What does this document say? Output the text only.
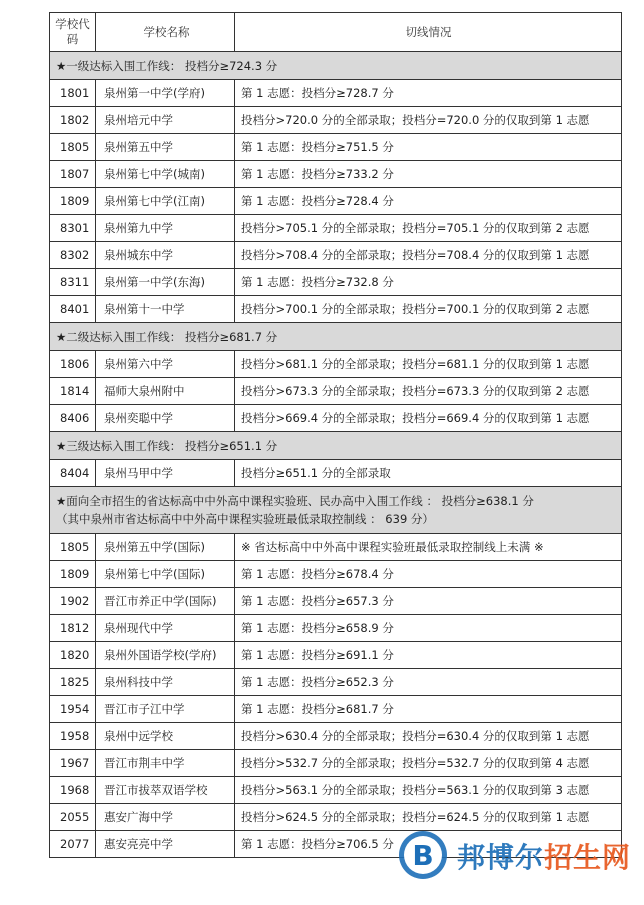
学校代码	学校名称	切线情况

★一级达标入围工作线： 投档分≥724.3 分		

1801	泉州第一中学(学府)	第 1 志愿：投档分≥728.7 分
1802	泉州培元中学	投档分>720.0 分的全部录取；投档分=720.0 分的仅取到第 1 志愿
1805	泉州第五中学	第 1 志愿：投档分≥751.5 分
1807	泉州第七中学(城南)	第 1 志愿：投档分≥733.2 分
1809	泉州第七中学(江南)	第 1 志愿：投档分≥728.4 分
8301	泉州第九中学	投档分>705.1 分的全部录取；投档分=705.1 分的仅取到第 2 志愿
8302	泉州城东中学	投档分>708.4 分的全部录取；投档分=708.4 分的仅取到第 1 志愿
8311	泉州第一中学(东海)	第 1 志愿：投档分≥732.8 分
8401	泉州第十一中学	投档分>700.1 分的全部录取；投档分=700.1 分的仅取到第 2 志愿

★二级达标入围工作线： 投档分≥681.7 分		

1806	泉州第六中学	投档分>681.1 分的全部录取；投档分=681.1 分的仅取到第 1 志愿
1814	福师大泉州附中	投档分>673.3 分的全部录取；投档分=673.3 分的仅取到第 2 志愿
8406	泉州奕聪中学	投档分>669.4 分的全部录取；投档分=669.4 分的仅取到第 1 志愿

★三级达标入围工作线： 投档分≥651.1 分		

8404	泉州马甲中学	投档分≥651.1 分的全部录取

★面向全市招生的省达标高中中外高中课程实验班、民办高中入围工作线 ： 投档分≥638.1 分
（其中泉州市省达标高中中外高中课程实验班最低录取控制线 ： 639 分）		

1805	泉州第五中学(国际)	※ 省达标高中中外高中课程实验班最低录取控制线上未满 ※
1809	泉州第七中学(国际)	第 1 志愿：投档分≥678.4 分
1902	晋江市养正中学(国际)	第 1 志愿：投档分≥657.3 分
1812	泉州现代中学	第 1 志愿：投档分≥658.9 分
1820	泉州外国语学校(学府)	第 1 志愿：投档分≥691.1 分
1825	泉州科技中学	第 1 志愿：投档分≥652.3 分
1954	晋江市子江中学	第 1 志愿：投档分≥681.7 分
1958	泉州中远学校	投档分>630.4 分的全部录取；投档分=630.4 分的仅取到第 1 志愿
1967	晋江市荆丰中学	投档分>532.7 分的全部录取；投档分=532.7 分的仅取到第 4 志愿
1968	晋江市拔萃双语学校	投档分>563.1 分的全部录取；投档分=563.1 分的仅取到第 3 志愿
2055	惠安广海中学	投档分>624.5 分的全部录取；投档分=624.5 分的仅取到第 1 志愿
2077	惠安亮亮中学	第 1 志愿：投档分≥706.5 分 B 邦博尔招生网
